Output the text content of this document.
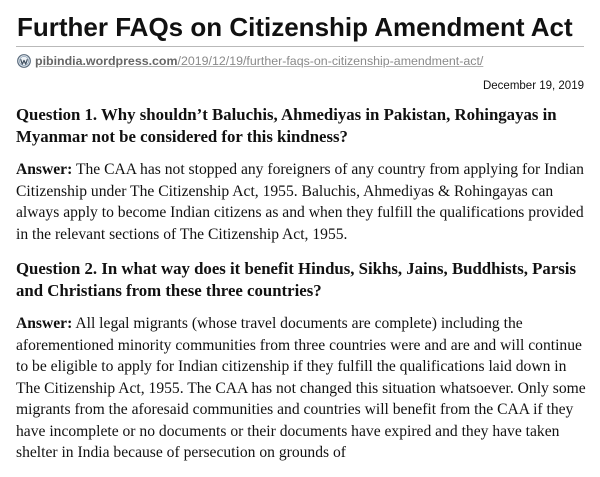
Further FAQs on Citizenship Amendment Act
pibindia.wordpress.com/2019/12/19/further-faqs-on-citizenship-amendment-act/
December 19, 2019

Question 1. Why shouldn’t Baluchis, Ahmediyas in Pakistan, Rohingayas in Myanmar not be considered for this kindness?

Answer: The CAA has not stopped any foreigners of any country from applying for Indian Citizenship under The Citizenship Act, 1955. Baluchis, Ahmediyas & Rohingayas can always apply to become Indian citizens as and when they fulfill the qualifications provided in the relevant sections of The Citizenship Act, 1955.

Question 2. In what way does it benefit Hindus, Sikhs, Jains, Buddhists, Parsis and Christians from these three countries?

Answer: All legal migrants (whose travel documents are complete) including the aforementioned minority communities from three countries were and are and will continue to be eligible to apply for Indian citizenship if they fulfill the qualifications laid down in The Citizenship Act, 1955. The CAA has not changed this situation whatsoever. Only some migrants from the aforesaid communities and countries will benefit from the CAA if they have incomplete or no documents or their documents have expired and they have taken shelter in India because of persecution on grounds of
